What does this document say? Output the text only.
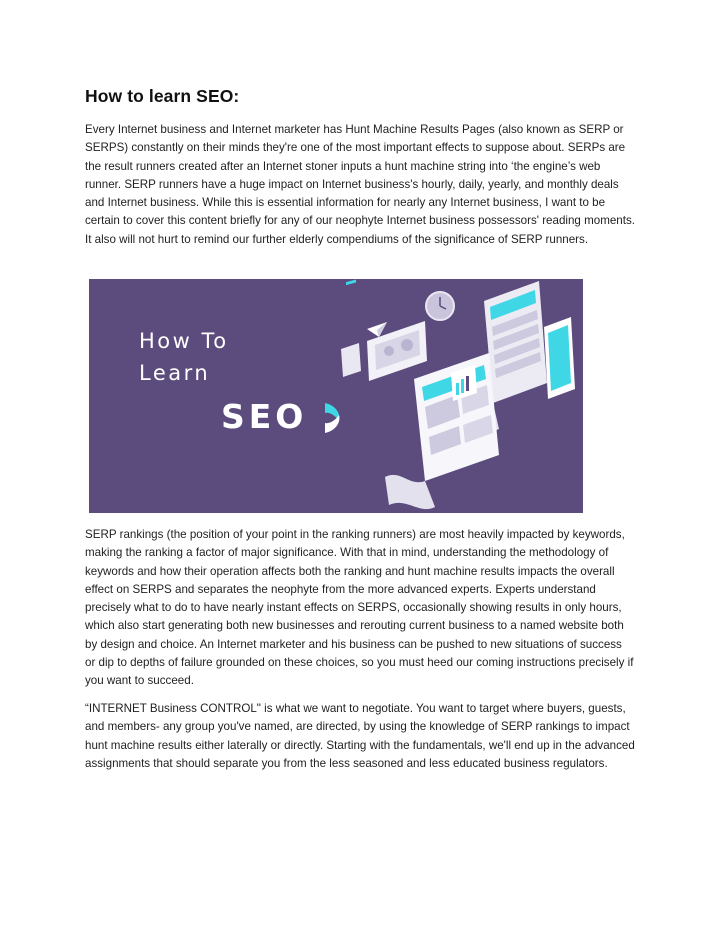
How to learn SEO:

Every Internet business and Internet marketer has Hunt Machine Results Pages (also known as SERP or SERPS) constantly on their minds they're one of the most important effects to suppose about. SERPs are the result runners created after an Internet stoner inputs a hunt machine string into ‘the engine’s web runner. SERP runners have a huge impact on Internet business's hourly, daily, yearly, and monthly deals and Internet business. While this is essential information for nearly any Internet business, I want to be certain to cover this content briefly for any of our neophyte Internet business possessors' reading moments. It also will not hurt to remind our further elderly compendiums of the significance of SERP runners.

How To
Learn
SEO

SERP rankings (the position of your point in the ranking runners) are most heavily impacted by keywords, making the ranking a factor of major significance. With that in mind, understanding the methodology of keywords and how their operation affects both the ranking and hunt machine results impacts the overall effect on SERPS and separates the neophyte from the more advanced experts. Experts understand precisely what to do to have nearly instant effects on SERPS, occasionally showing results in only hours, which also start generating both new businesses and rerouting current business to a named website both by design and choice. An Internet marketer and his business can be pushed to new situations of success or dip to depths of failure grounded on these choices, so you must heed our coming instructions precisely if you want to succeed.

“INTERNET Business CONTROL" is what we want to negotiate. You want to target where buyers, guests, and members- any group you've named, are directed, by using the knowledge of SERP rankings to impact hunt machine results either laterally or directly. Starting with the fundamentals, we'll end up in the advanced assignments that should separate you from the less seasoned and less educated business regulators.
